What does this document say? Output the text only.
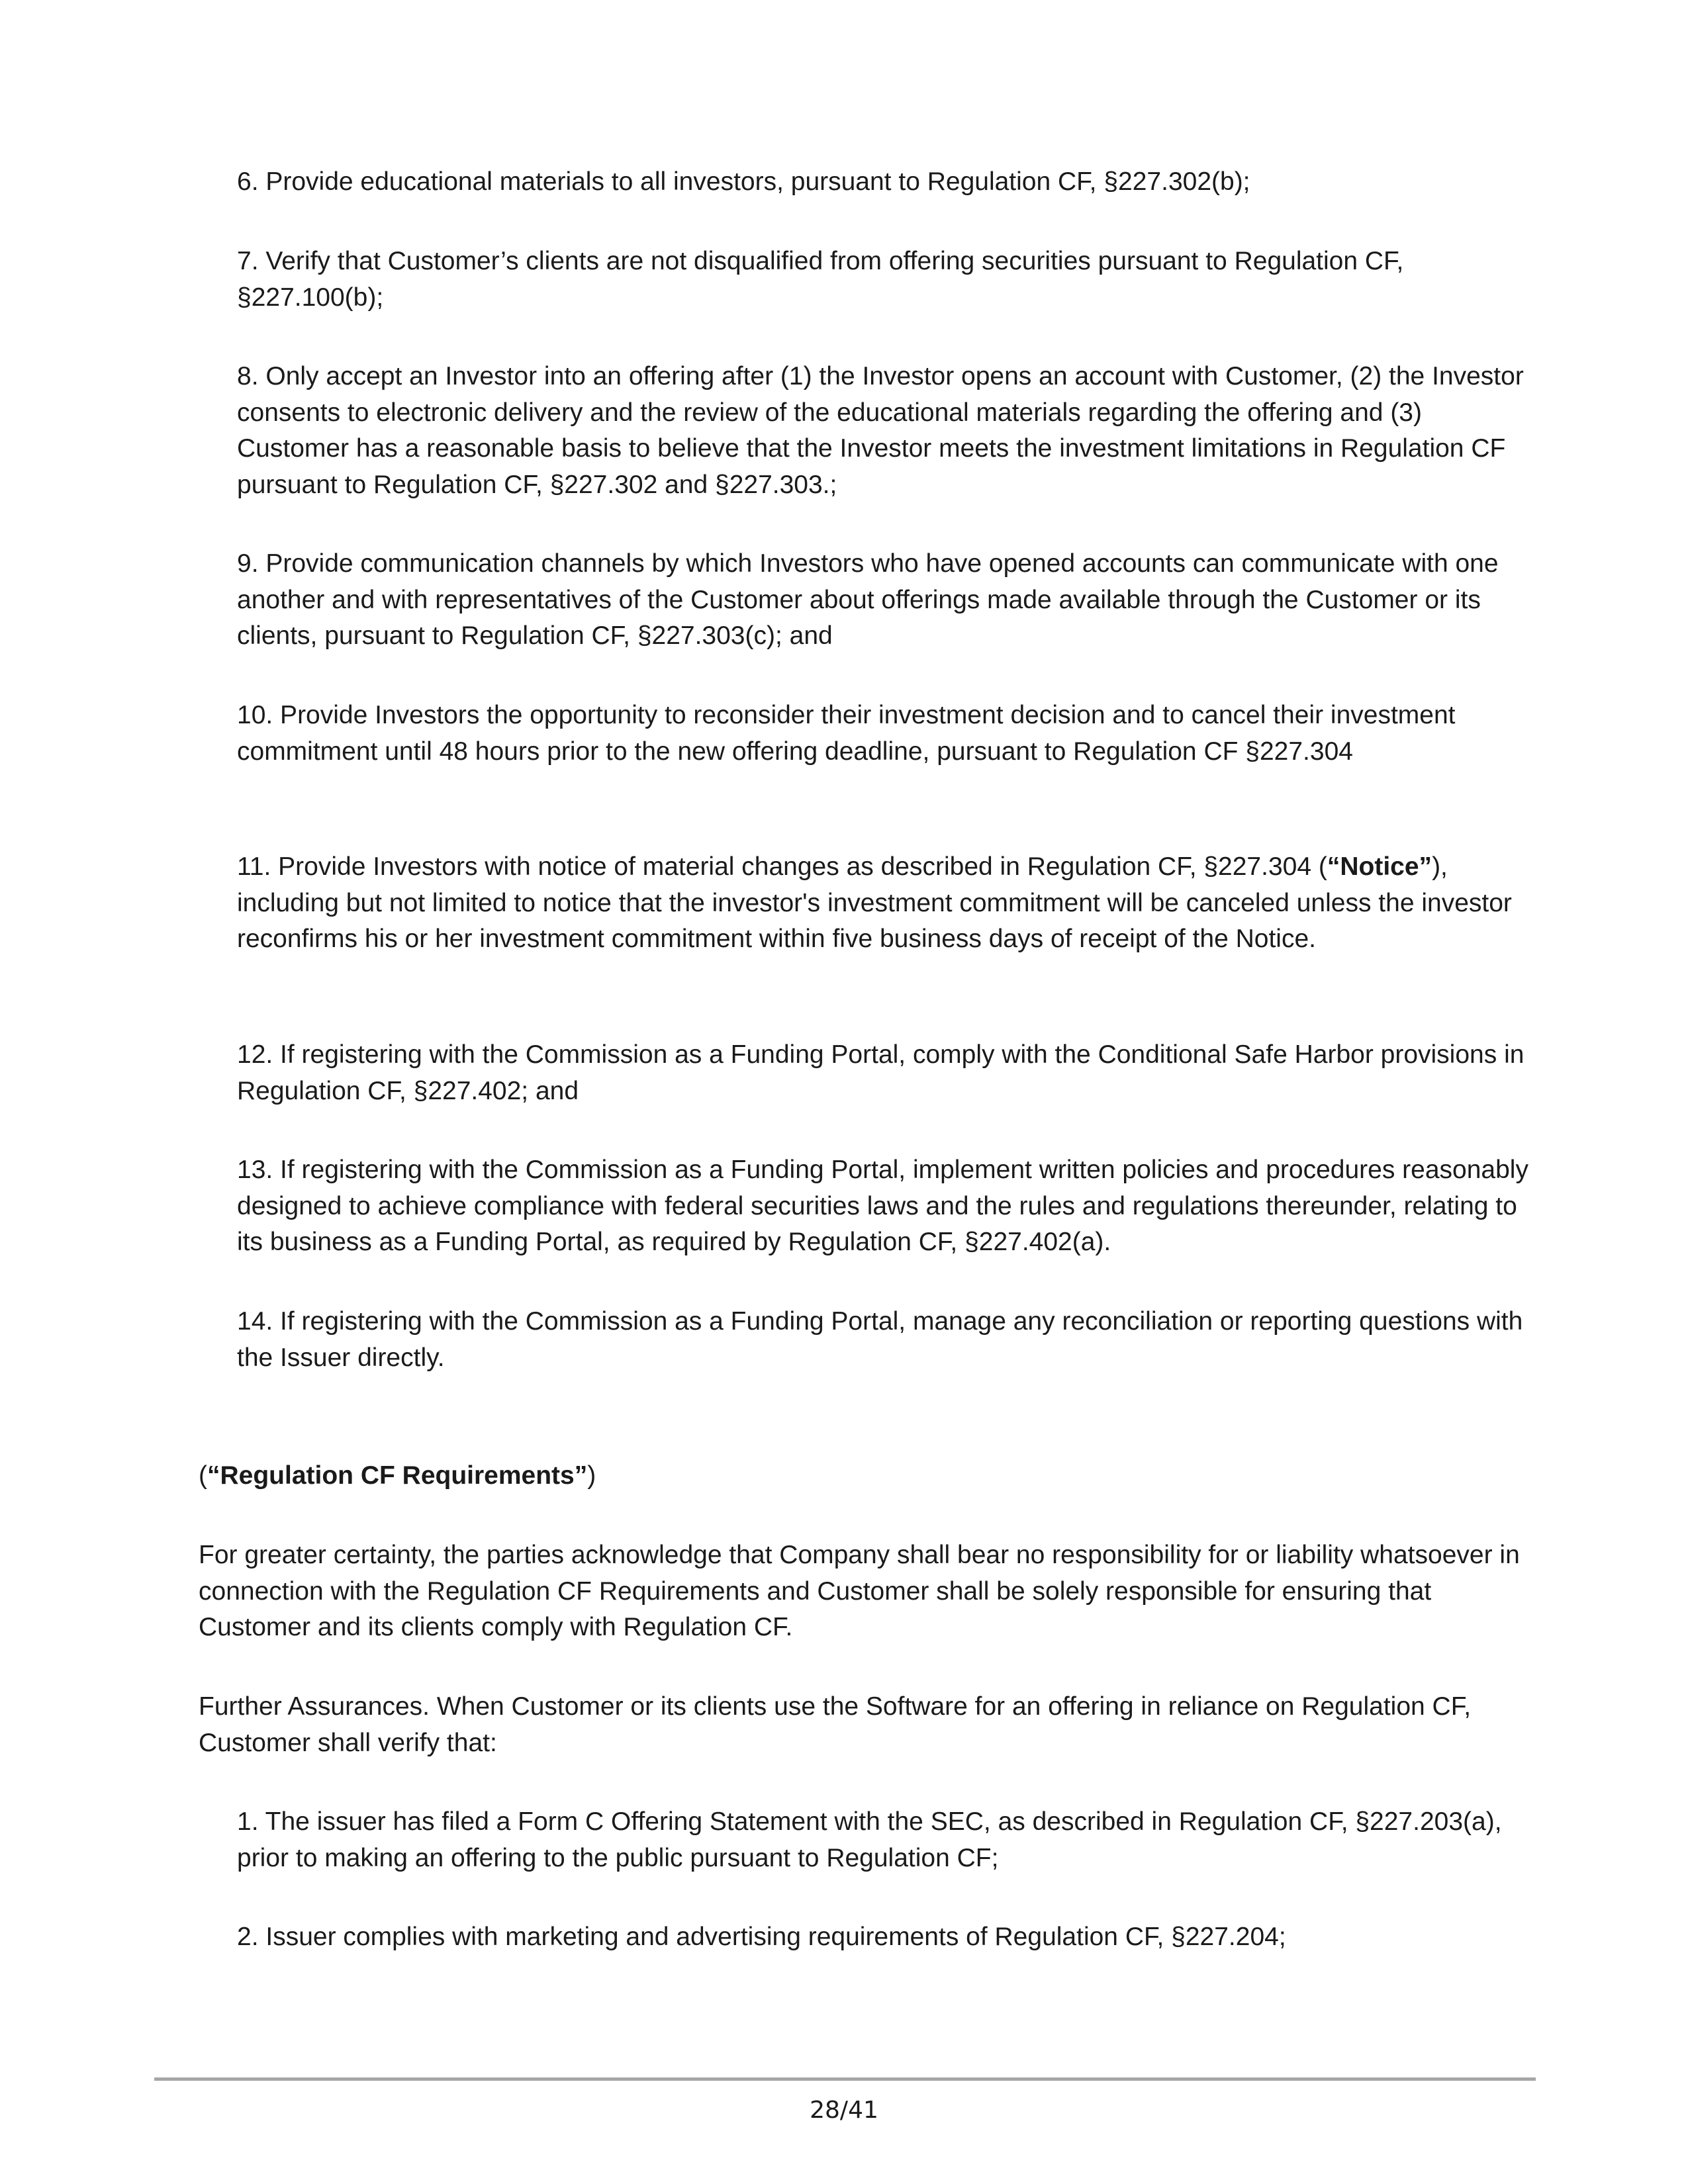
6. Provide educational materials to all investors, pursuant to Regulation CF, §227.302(b);

7. Verify that Customer’s clients are not disqualified from offering securities pursuant to Regulation CF, §227.100(b);

8. Only accept an Investor into an offering after (1) the Investor opens an account with Customer, (2) the Investor consents to electronic delivery and the review of the educational materials regarding the offering and (3) Customer has a reasonable basis to believe that the Investor meets the investment limitations in Regulation CF pursuant to Regulation CF, §227.302 and §227.303.;

9. Provide communication channels by which Investors who have opened accounts can communicate with one another and with representatives of the Customer about offerings made available through the Customer or its clients, pursuant to Regulation CF, §227.303(c); and

10. Provide Investors the opportunity to reconsider their investment decision and to cancel their investment commitment until 48 hours prior to the new offering deadline, pursuant to Regulation CF §227.304

11. Provide Investors with notice of material changes as described in Regulation CF, §227.304 (“Notice”), including but not limited to notice that the investor's investment commitment will be canceled unless the investor reconfirms his or her investment commitment within five business days of receipt of the Notice.

12. If registering with the Commission as a Funding Portal, comply with the Conditional Safe Harbor provisions in Regulation CF, §227.402; and

13. If registering with the Commission as a Funding Portal, implement written policies and procedures reasonably designed to achieve compliance with federal securities laws and the rules and regulations thereunder, relating to its business as a Funding Portal, as required by Regulation CF, §227.402(a).

14. If registering with the Commission as a Funding Portal, manage any reconciliation or reporting questions with the Issuer directly.

(“Regulation CF Requirements”)

For greater certainty, the parties acknowledge that Company shall bear no responsibility for or liability whatsoever in connection with the Regulation CF Requirements and Customer shall be solely responsible for ensuring that Customer and its clients comply with Regulation CF.

Further Assurances. When Customer or its clients use the Software for an offering in reliance on Regulation CF, Customer shall verify that:

1. The issuer has filed a Form C Offering Statement with the SEC, as described in Regulation CF, §227.203(a), prior to making an offering to the public pursuant to Regulation CF;

2. Issuer complies with marketing and advertising requirements of Regulation CF, §227.204;

28/41
